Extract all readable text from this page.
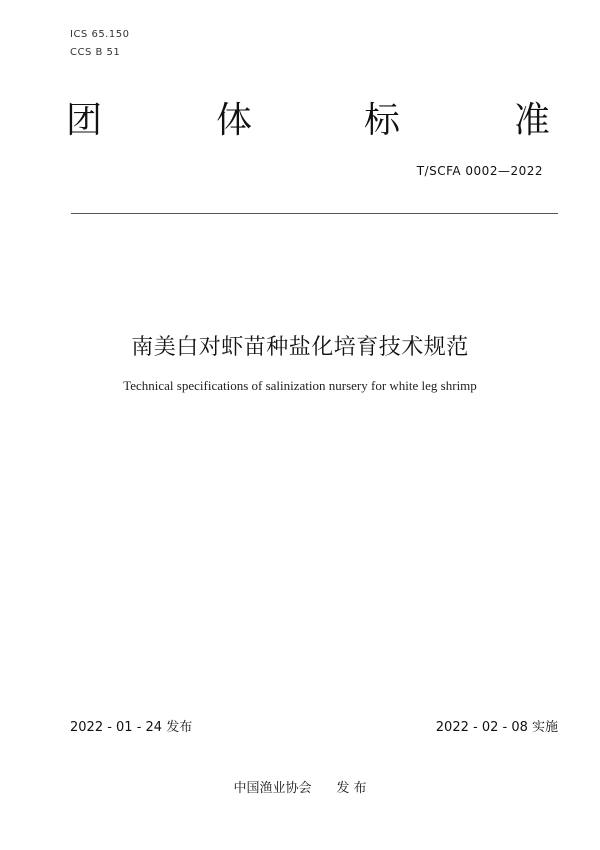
ICS 65.150
CCS B 51
团	体	标	准
T/SCFA 0002—2022
南美白对虾苗种盐化培育技术规范
Technical specifications of salinization nursery for white leg shrimp
2022 - 01 - 24 发布	2022 - 02 - 08 实施
中国渔业协会      发 布
